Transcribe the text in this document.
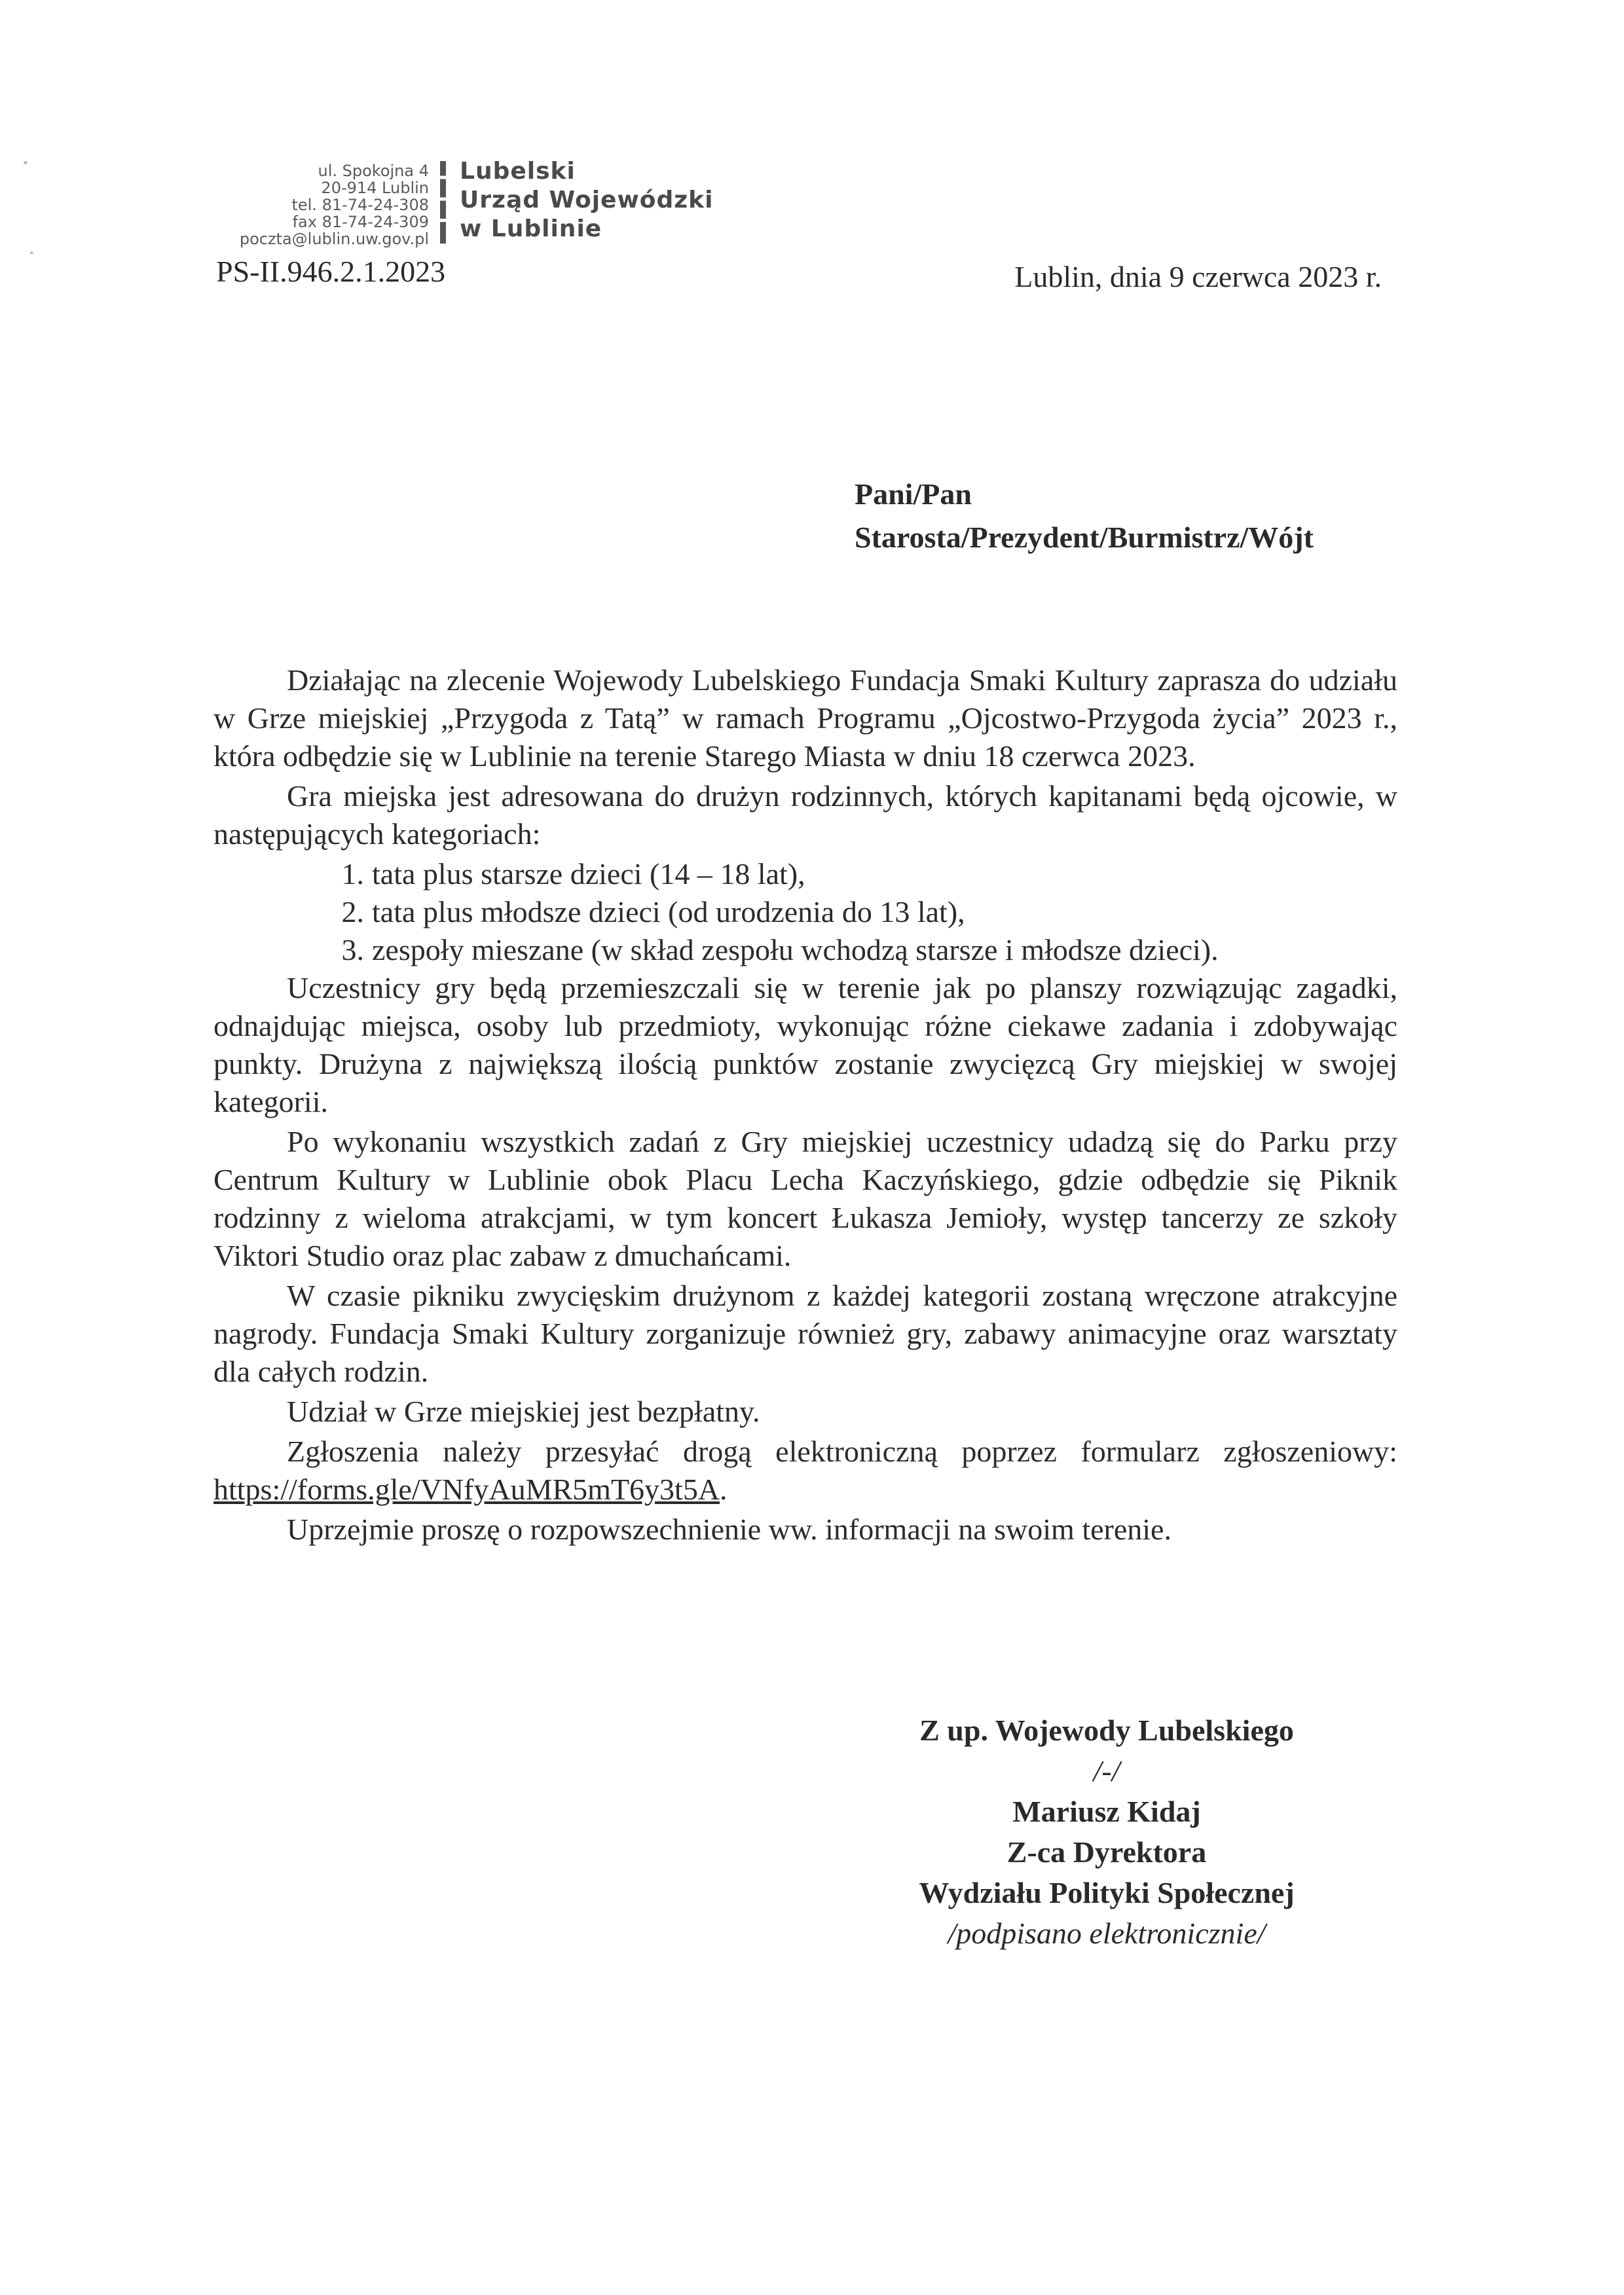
ul. Spokojna 4
20-914 Lublin
tel. 81-74-24-308
fax 81-74-24-309
poczta@lublin.uw.gov.pl
Lubelski
Urząd Wojewódzki
w Lublinie
PS-II.946.2.1.2023	Lublin, dnia 9 czerwca 2023 r.
Pani/Pan
Starosta/Prezydent/Burmistrz/Wójt

Działając na zlecenie Wojewody Lubelskiego Fundacja Smaki Kultury zaprasza do udziału w Grze miejskiej „Przygoda z Tatą” w ramach Programu „Ojcostwo-Przygoda życia” 2023 r., która odbędzie się w Lublinie na terenie Starego Miasta w dniu 18 czerwca 2023.

Gra miejska jest adresowana do drużyn rodzinnych, których kapitanami będą ojcowie, w następujących kategoriach:

1. tata plus starsze dzieci (14 – 18 lat),
2. tata plus młodsze dzieci (od urodzenia do 13 lat),
3. zespoły mieszane (w skład zespołu wchodzą starsze i młodsze dzieci).

Uczestnicy gry będą przemieszczali się w terenie jak po planszy rozwiązując zagadki, odnajdując miejsca, osoby lub przedmioty, wykonując różne ciekawe zadania i zdobywając punkty. Drużyna z największą ilością punktów zostanie zwycięzcą Gry miejskiej w swojej kategorii.

Po wykonaniu wszystkich zadań z Gry miejskiej uczestnicy udadzą się do Parku przy Centrum Kultury w Lublinie obok Placu Lecha Kaczyńskiego, gdzie odbędzie się Piknik rodzinny z wieloma atrakcjami, w tym koncert Łukasza Jemioły, występ tancerzy ze szkoły Viktori Studio oraz plac zabaw z dmuchańcami.

W czasie pikniku zwycięskim drużynom z każdej kategorii zostaną wręczone atrakcyjne nagrody. Fundacja Smaki Kultury zorganizuje również gry, zabawy animacyjne oraz warsztaty dla całych rodzin.

Udział w Grze miejskiej jest bezpłatny.

Zgłoszenia należy przesyłać drogą elektroniczną poprzez formularz zgłoszeniowy: https://forms.gle/VNfyAuMR5mT6y3t5A.

Uprzejmie proszę o rozpowszechnienie ww. informacji na swoim terenie.

Z up. Wojewody Lubelskiego
/-/
Mariusz Kidaj
Z-ca Dyrektora
Wydziału Polityki Społecznej
/podpisano elektronicznie/
